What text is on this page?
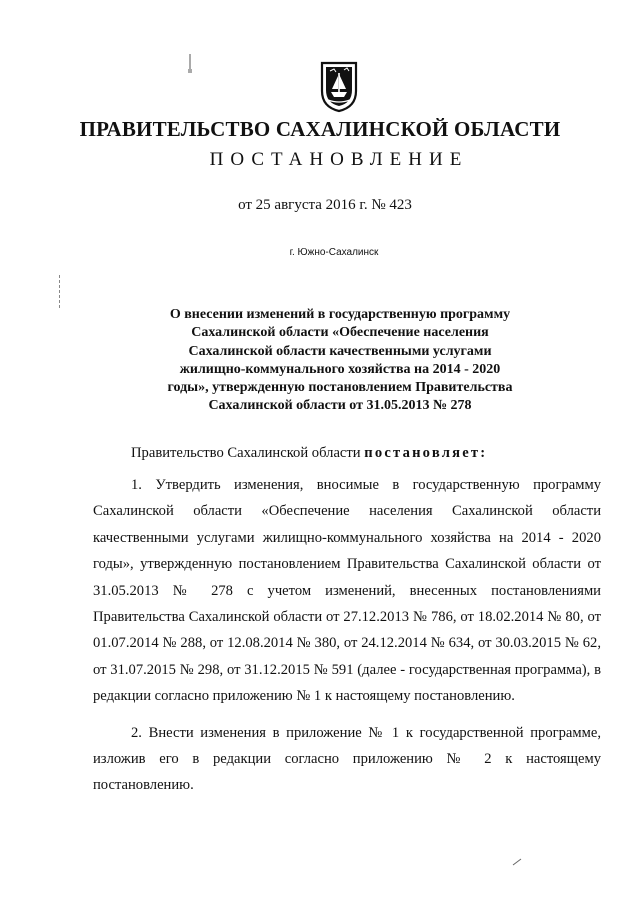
ПРАВИТЕЛЬСТВО САХАЛИНСКОЙ ОБЛАСТИ
ПОСТАНОВЛЕНИЕ
от 25 августа 2016 г. № 423
г. Южно-Сахалинск
О внесении изменений в государственную программу
Сахалинской области «Обеспечение населения
Сахалинской области качественными услугами
жилищно-коммунального хозяйства на 2014 - 2020
годы», утвержденную постановлением Правительства
Сахалинской области от 31.05.2013 № 278

Правительство Сахалинской области постановляет:

1. Утвердить изменения, вносимые в государственную программу Сахалинской области «Обеспечение населения Сахалинской области качественными услугами жилищно-коммунального хозяйства на 2014 - 2020 годы», утвержденную постановлением Правительства Сахалинской области от 31.05.2013 № 278 с учетом изменений, внесенных постановлениями Правительства Сахалинской области от 27.12.2013 № 786, от 18.02.2014 № 80, от 01.07.2014 № 288, от 12.08.2014 № 380, от 24.12.2014 № 634, от 30.03.2015 № 62, от 31.07.2015 № 298, от 31.12.2015 № 591 (далее - государственная программа), в редакции согласно приложению № 1 к настоящему постановлению.

2. Внести изменения в приложение № 1 к государственной программе, изложив его в редакции согласно приложению № 2 к настоящему постановлению.
